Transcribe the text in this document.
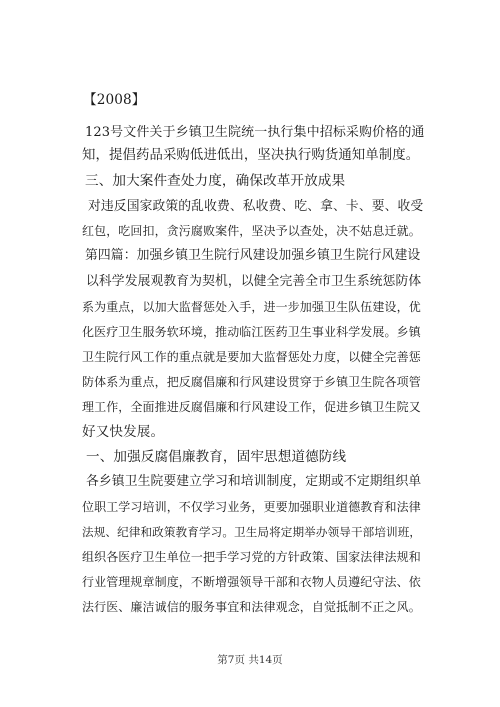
【2008】
123号文件关于乡镇卫生院统一执行集中招标采购价格的通
知，提倡药品采购低进低出，坚决执行购货通知单制度。
三、加大案件查处力度，确保改革开放成果
对违反国家政策的乱收费、私收费、吃、拿、卡、要、收受
红包，吃回扣，贪污腐败案件，坚决予以查处，决不姑息迁就。
第四篇：加强乡镇卫生院行风建设加强乡镇卫生院行风建设
以科学发展观教育为契机，以健全完善全市卫生系统惩防体
系为重点，以加大监督惩处入手，进一步加强卫生队伍建设，优
化医疗卫生服务软环境，推动临江医药卫生事业科学发展。乡镇
卫生院行风工作的重点就是要加大监督惩处力度，以健全完善惩
防体系为重点，把反腐倡廉和行风建设贯穿于乡镇卫生院各项管
理工作，全面推进反腐倡廉和行风建设工作，促进乡镇卫生院又
好又快发展。
一、加强反腐倡廉教育，固牢思想道德防线
各乡镇卫生院要建立学习和培训制度，定期或不定期组织单
位职工学习培训，不仅学习业务，更要加强职业道德教育和法律
法规、纪律和政策教育学习。卫生局将定期举办领导干部培训班，
组织各医疗卫生单位一把手学习党的方针政策、国家法律法规和
行业管理规章制度，不断增强领导干部和衣物人员遵纪守法、依
法行医、廉洁诚信的服务事宜和法律观念，自觉抵制不正之风。
第7页 共14页
